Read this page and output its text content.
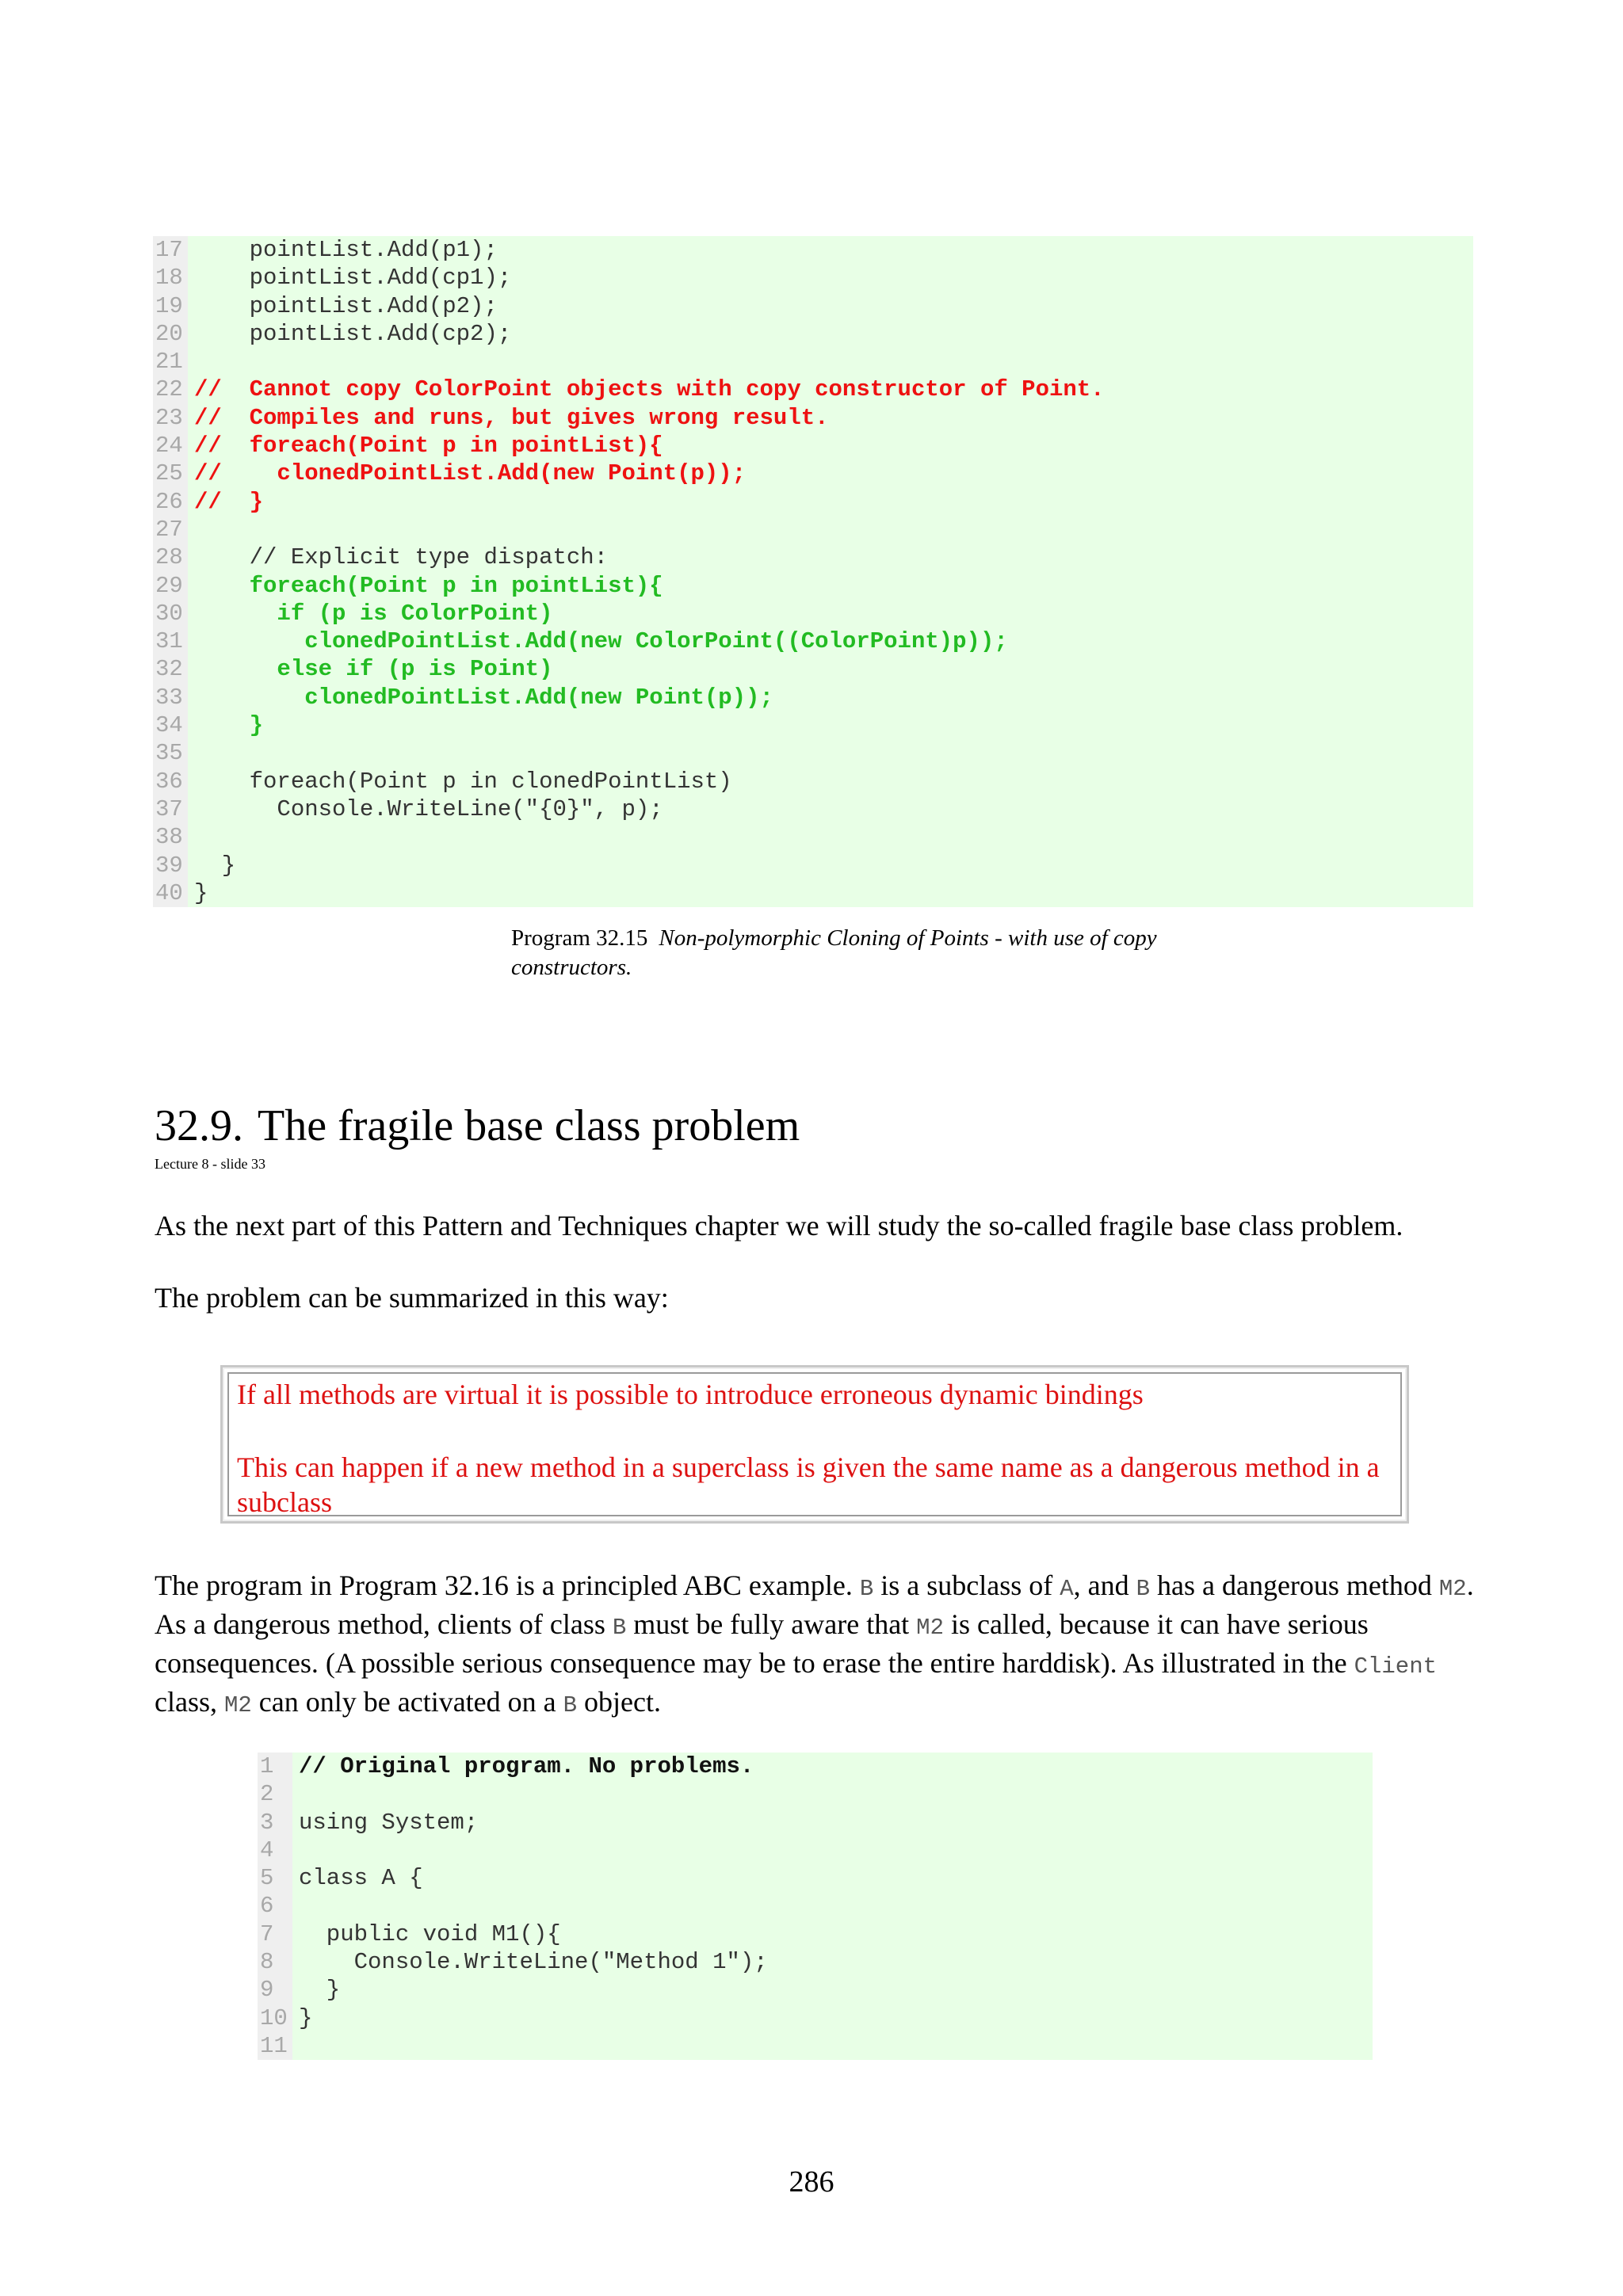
17 pointList.Add(p1);
18 pointList.Add(cp1);
19 pointList.Add(p2);
20 pointList.Add(cp2);
21
22 //  Cannot copy ColorPoint objects with copy constructor of Point.
23 //  Compiles and runs, but gives wrong result.
24 //  foreach(Point p in pointList){
25 //    clonedPointList.Add(new Point(p));
26 //  }
27
28 // Explicit type dispatch:
29 foreach(Point p in pointList){
30 if (p is ColorPoint)
31 clonedPointList.Add(new ColorPoint((ColorPoint)p));
32 else if (p is Point)
33 clonedPointList.Add(new Point(p));
34 }
35
36 foreach(Point p in clonedPointList)
37 Console.WriteLine("{0}", p);
38
39 }
40 }
Program 32.15 Non-polymorphic Cloning of Points - with use of copy constructors.
32.9. The fragile base class problem
Lecture 8 - slide 33

As the next part of this Pattern and Techniques chapter we will study the so-called fragile base class problem.

The problem can be summarized in this way:

If all methods are virtual it is possible to introduce erroneous dynamic bindings

This can happen if a new method in a superclass is given the same name as a dangerous method in a subclass

The program in Program 32.16 is a principled ABC example. B is a subclass of A, and B has a dangerous method M2. As a dangerous method, clients of class B must be fully aware that M2 is called, because it can have serious consequences. (A possible serious consequence may be to erase the entire harddisk). As illustrated in the Client class, M2 can only be activated on a B object.

1	// Original program. No problems.
2
3	using System;
4
5	class A {
6
7	public void M1(){
8	Console.WriteLine("Method 1");
9	}
10 }
11
286
